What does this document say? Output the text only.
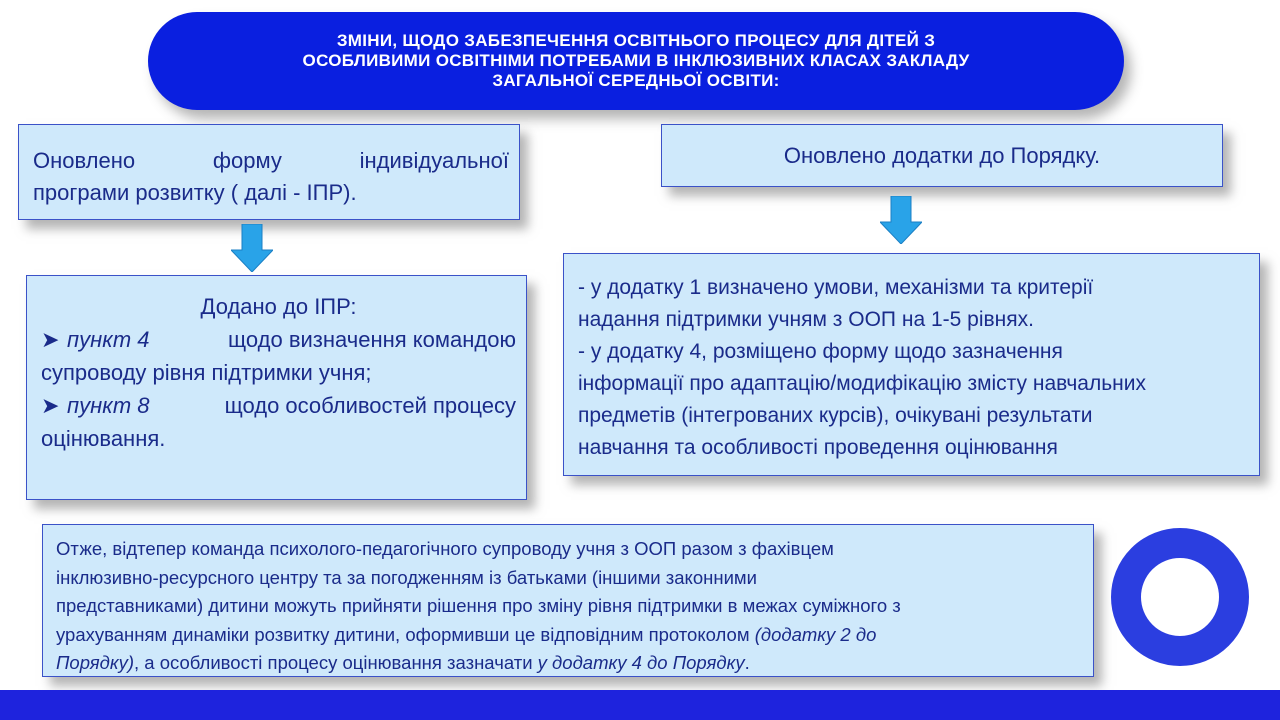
ЗМІНИ, ЩОДО ЗАБЕЗПЕЧЕННЯ ОСВІТНЬОГО ПРОЦЕСУ ДЛЯ ДІТЕЙ З
ОСОБЛИВИМИ ОСВІТНІМИ ПОТРЕБАМИ В ІНКЛЮЗИВНИХ КЛАСАХ ЗАКЛАДУ
ЗАГАЛЬНОЇ СЕРЕДНЬОЇ ОСВІТИ:
Оновлено	форму	індивідуальної
програми розвитку ( далі - ІПР).
Оновлено додатки до Порядку.
Додано до ІПР:
➤ пункт 4	щодо визначення командою
супроводу рівня підтримки учня;
➤ пункт 8	щодо особливостей процесу
оцінювання.
- у додатку 1 визначено умови, механізми та критерії
надання підтримки учням з ООП на 1-5 рівнях.
- у додатку 4, розміщено форму щодо зазначення
інформації про адаптацію/модифікацію змісту навчальних
предметів (інтегрованих курсів), очікувані результати
навчання та особливості проведення оцінювання
Отже, відтепер команда психолого-педагогічного супроводу учня з ООП разом з фахівцем
інклюзивно-ресурсного центру та за погодженням із батьками (іншими законними
представниками) дитини можуть прийняти рішення про зміну рівня підтримки в межах суміжного з
урахуванням динаміки розвитку дитини, оформивши це відповідним протоколом (додатку 2 до
Порядку), а особливості процесу оцінювання зазначати у додатку 4 до Порядку.
